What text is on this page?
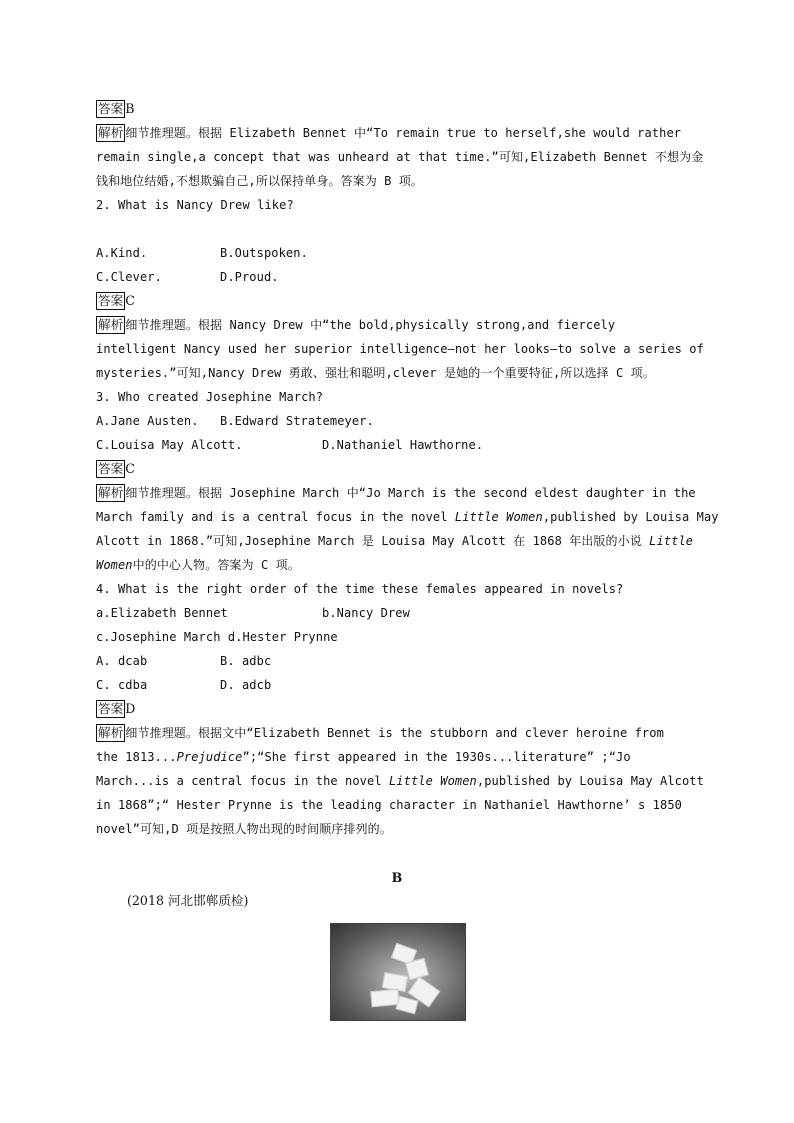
答案 B
解析 细节推理题。根据 Elizabeth Bennet 中“To remain true to herself,she would rather
remain single,a concept that was unheard at that time.”可知,Elizabeth Bennet 不想为金
钱和地位结婚,不想欺骗自己,所以保持单身。答案为 B 项。
2. What is Nancy Drew like?
A.Kind.	B.Outspoken.
C.Clever.	D.Proud.
答案 C
解析 细节推理题。根据 Nancy Drew 中“the bold,physically strong,and fiercely
intelligent Nancy used her superior intelligence—not her looks—to solve a series of
mysteries.”可知,Nancy Drew 勇敢、强壮和聪明,clever 是她的一个重要特征,所以选择 C 项。
3. Who created Josephine March?
A.Jane Austen. B.Edward Stratemeyer.
C.Louisa May Alcott.	D.Nathaniel Hawthorne.
答案 C
解析 细节推理题。根据 Josephine March 中“Jo March is the second eldest daughter in the
March family and is a central focus in the novel Little Women,published by Louisa May
Alcott in 1868.”可知,Josephine March 是 Louisa May Alcott 在 1868 年出版的小说 Little
Women中的中心人物。答案为 C 项。
4. What is the right order of the time these females appeared in novels?
a.Elizabeth Bennet	b.Nancy Drew
c.Josephine March d.Hester Prynne
A. dcab	B. adbc
C. cdba	D. adcb
答案 D
解析 细节推理题。根据文中“Elizabeth Bennet is the stubborn and clever heroine from
the 1813...Prejudice”;“She first appeared in the 1930s...literature” ;“Jo
March...is a central focus in the novel Little Women,published by Louisa May Alcott
in 1868”;“ Hester Prynne is the leading character in Nathaniel Hawthorne’ s 1850
novel”可知,D 项是按照人物出现的时间顺序排列的。
B
(2018 河北邯郸质检)
